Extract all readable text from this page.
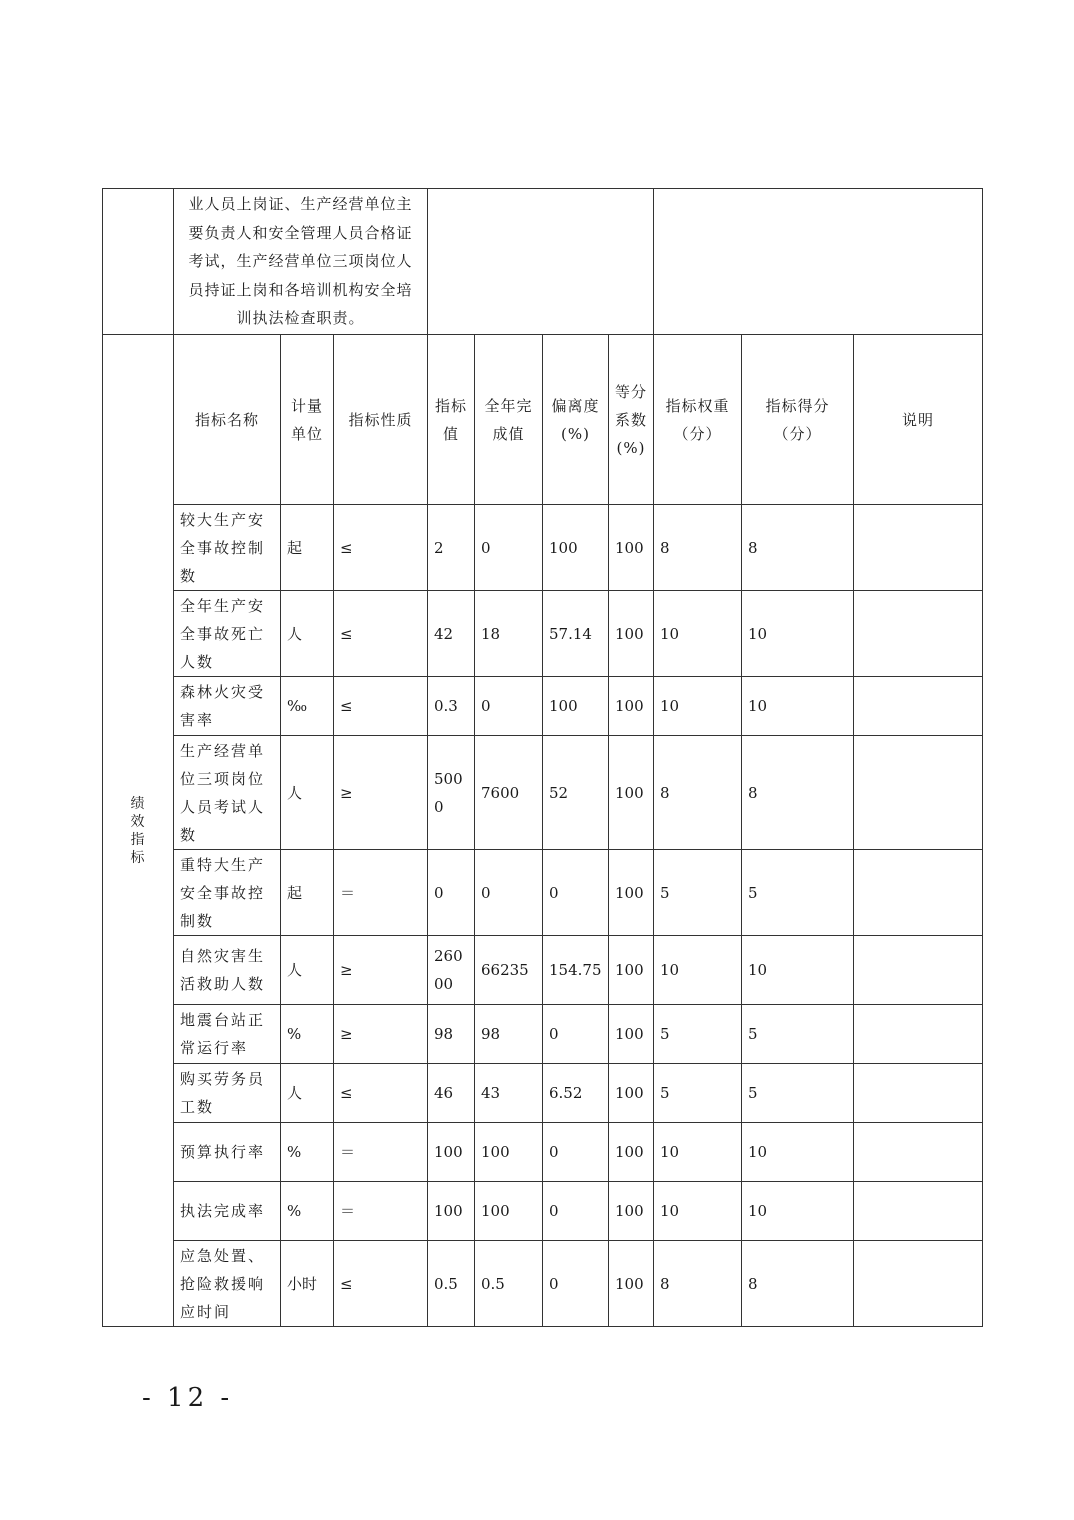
	业人员上岗证、生产经营单位主要负责人和安全管理人员合格证考试，生产经营单位三项岗位人员持证上岗和各培训机构安全培训执法检查职责。									
绩效指标	指标名称	计量单位	指标性质	指标值	全年完成值	偏离度(%)	等分系数(%)	指标权重（分）	指标得分（分）	说明
	较大生产安全事故控制数	起	≤	2	0	100	100	8	8	
	全年生产安全事故死亡人数	人	≤	42	18	57.14	100	10	10	
	森林火灾受害率	‰	≤	0.3	0	100	100	10	10	
	生产经营单位三项岗位人员考试人数	人	≥	5000	7600	52	100	8	8	
	重特大生产安全事故控制数	起	＝	0	0	0	100	5	5	
	自然灾害生活救助人数	人	≥	26000	66235	154.75	100	10	10	
	地震台站正常运行率	%	≥	98	98	0	100	5	5	
	购买劳务员工数	人	≤	46	43	6.52	100	5	5	
	预算执行率	%	＝	100	100	0	100	10	10	
	执法完成率	%	＝	100	100	0	100	10	10	
	应急处置、抢险救援响应时间	小时	≤	0.5	0.5	0	100	8	8	
- 12 -
